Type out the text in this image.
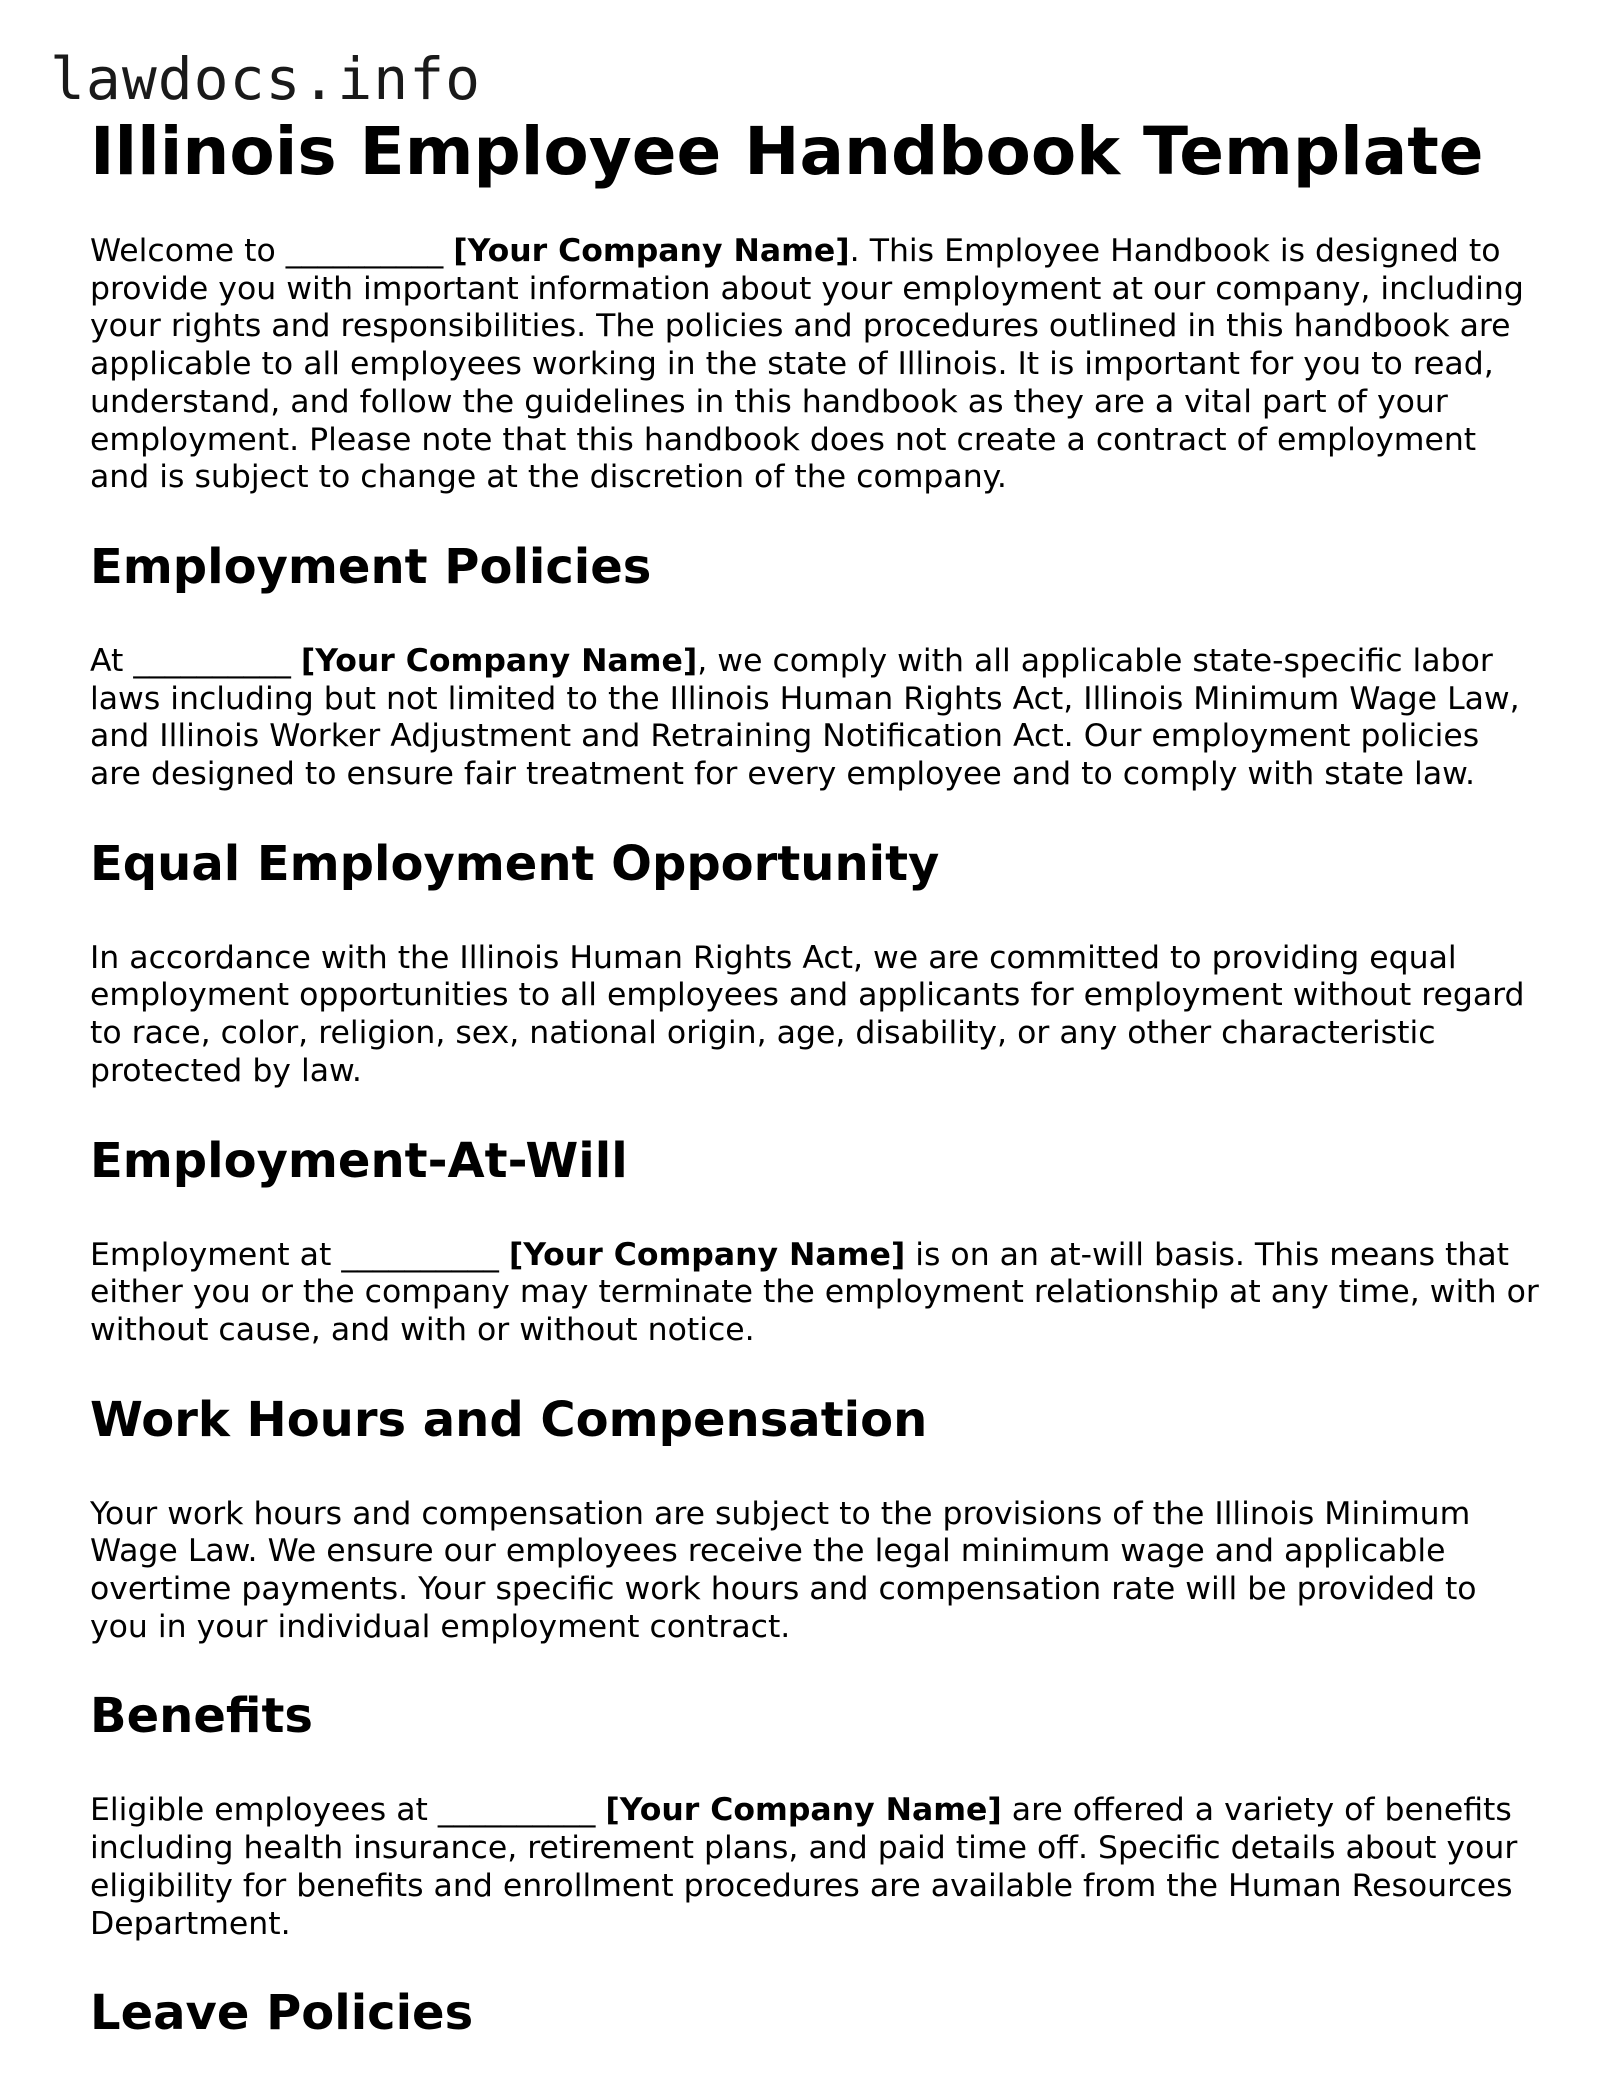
lawdocs.info
Illinois Employee Handbook Template

Welcome to __________ [Your Company Name]. This Employee Handbook is designed to provide you with important information about your employment at our company, including your rights and responsibilities. The policies and procedures outlined in this handbook are applicable to all employees working in the state of Illinois. It is important for you to read, understand, and follow the guidelines in this handbook as they are a vital part of your employment. Please note that this handbook does not create a contract of employment and is subject to change at the discretion of the company.

Employment Policies

At __________ [Your Company Name], we comply with all applicable state-specific labor laws including but not limited to the Illinois Human Rights Act, Illinois Minimum Wage Law, and Illinois Worker Adjustment and Retraining Notification Act. Our employment policies are designed to ensure fair treatment for every employee and to comply with state law.

Equal Employment Opportunity

In accordance with the Illinois Human Rights Act, we are committed to providing equal employment opportunities to all employees and applicants for employment without regard to race, color, religion, sex, national origin, age, disability, or any other characteristic protected by law.

Employment-At-Will

Employment at __________ [Your Company Name] is on an at-will basis. This means that either you or the company may terminate the employment relationship at any time, with or without cause, and with or without notice.

Work Hours and Compensation

Your work hours and compensation are subject to the provisions of the Illinois Minimum Wage Law. We ensure our employees receive the legal minimum wage and applicable overtime payments. Your specific work hours and compensation rate will be provided to you in your individual employment contract.

Benefits

Eligible employees at __________ [Your Company Name] are offered a variety of benefits including health insurance, retirement plans, and paid time off. Specific details about your eligibility for benefits and enrollment procedures are available from the Human Resources Department.

Leave Policies
